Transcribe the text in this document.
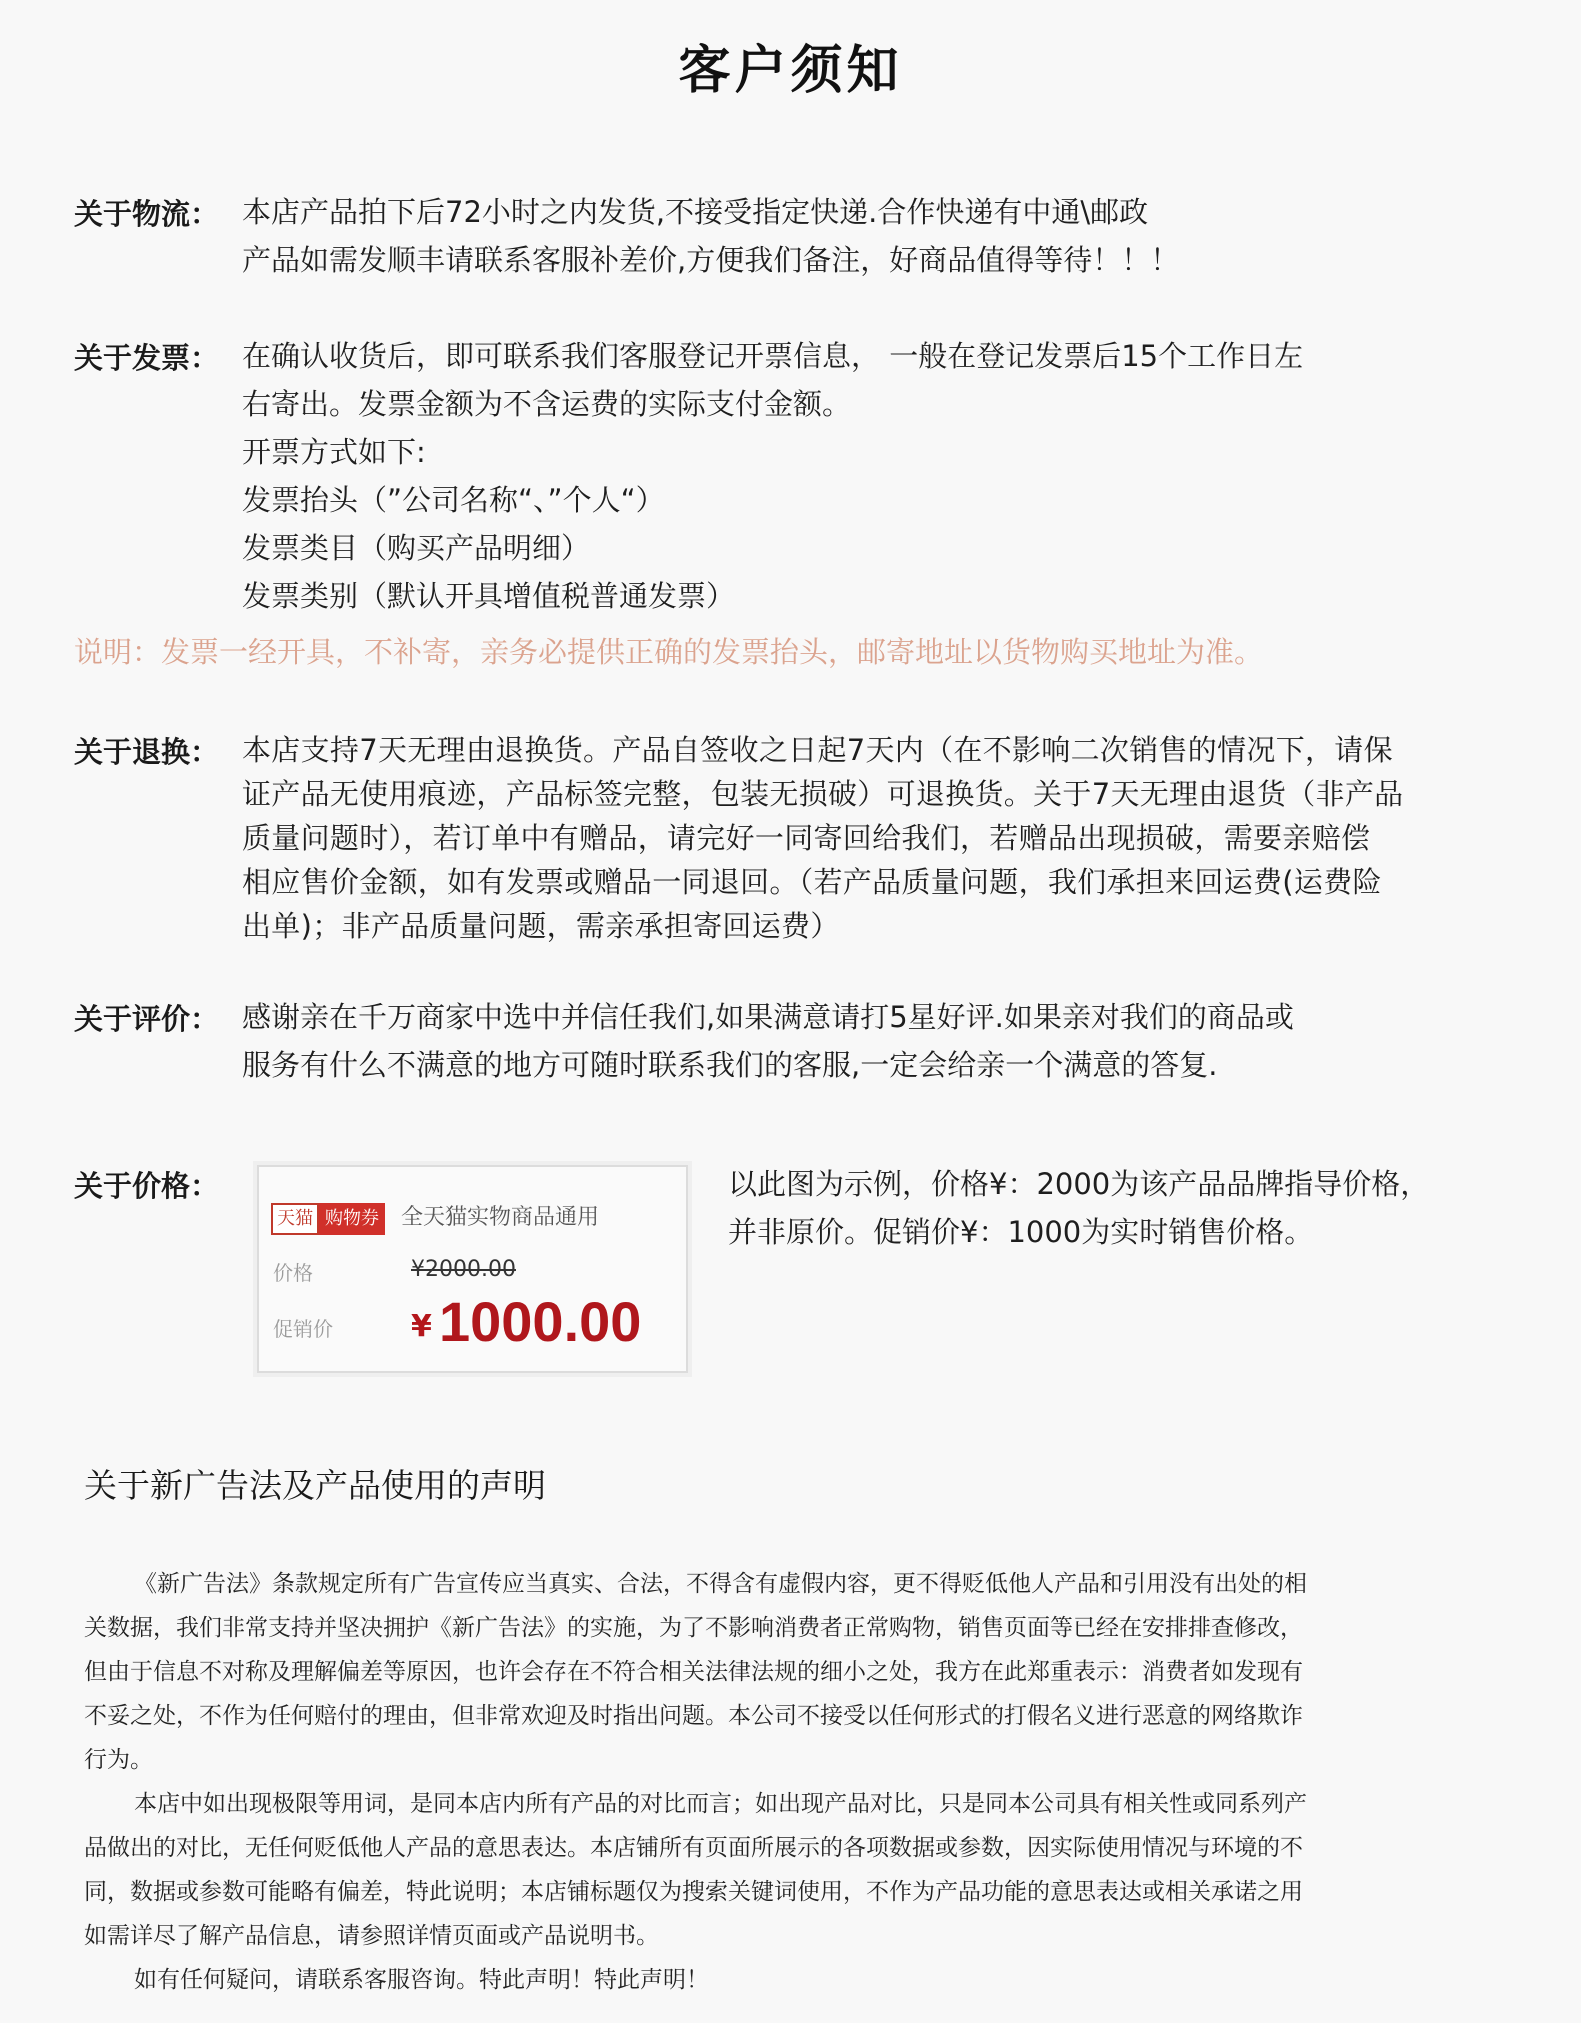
客户须知
关于物流： 本店产品拍下后72小时之内发货,不接受指定快递.合作快递有中通\邮政
产品如需发顺丰请联系客服补差价,方便我们备注，好商品值得等待！！！
关于发票： 在确认收货后，即可联系我们客服登记开票信息， 一般在登记发票后15个工作日左
右寄出。发票金额为不含运费的实际支付金额。
开票方式如下:
发票抬头（”公司名称“、”个人“）
发票类目（购买产品明细）
发票类别（默认开具增值税普通发票）
说明：发票一经开具，不补寄，亲务必提供正确的发票抬头，邮寄地址以货物购买地址为准。
关于退换： 本店支持7天无理由退换货。产品自签收之日起7天内（在不影响二次销售的情况下，请保
证产品无使用痕迹，产品标签完整，包装无损破）可退换货。关于7天无理由退货（非产品
质量问题时），若订单中有赠品，请完好一同寄回给我们，若赠品出现损破，需要亲赔偿
相应售价金额，如有发票或赠品一同退回。（若产品质量问题，我们承担来回运费(运费险
出单)；非产品质量问题，需亲承担寄回运费）
关于评价： 感谢亲在千万商家中选中并信任我们,如果满意请打5星好评.如果亲对我们的商品或
服务有什么不满意的地方可随时联系我们的客服,一定会给亲一个满意的答复.
关于价格：
天猫 购物券 全天猫实物商品通用
价格	¥2000.00
促销价	¥ 1000.00
以此图为示例，价格¥：2000为该产品品牌指导价格，
并非原价。促销价¥：1000为实时销售价格。
关于新广告法及产品使用的声明
《新广告法》条款规定所有广告宣传应当真实、合法，不得含有虚假内容，更不得贬低他人产品和引用没有出处的相
关数据，我们非常支持并坚决拥护《新广告法》的实施，为了不影响消费者正常购物，销售页面等已经在安排排查修改，
但由于信息不对称及理解偏差等原因，也许会存在不符合相关法律法规的细小之处，我方在此郑重表示：消费者如发现有
不妥之处，不作为任何赔付的理由，但非常欢迎及时指出问题。本公司不接受以任何形式的打假名义进行恶意的网络欺诈
行为。
本店中如出现极限等用词，是同本店内所有产品的对比而言；如出现产品对比，只是同本公司具有相关性或同系列产
品做出的对比，无任何贬低他人产品的意思表达。本店铺所有页面所展示的各项数据或参数，因实际使用情况与环境的不
同，数据或参数可能略有偏差，特此说明；本店铺标题仅为搜索关键词使用，不作为产品功能的意思表达或相关承诺之用
如需详尽了解产品信息，请参照详情页面或产品说明书。
如有任何疑问，请联系客服咨询。特此声明！特此声明！
